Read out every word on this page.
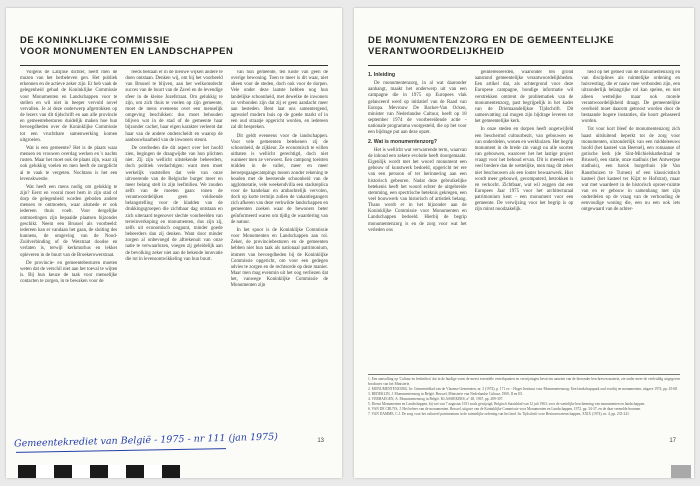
DE KONINKLIJKE COMMISSIE
VOOR MONUMENTEN EN LANDSCHAPPEN

Volgens de Latijnse dichter, heeft men de muzen van het herbeleven gen. Het publiek erkennen en de actieve zeker zijn. Er heb vaak de gelegenheid gehad de Koninklijke Commissie voor Monumenten en Landschappen voor te stellen en wil niet in beeper vervuld novel vervallen. Je al deze onderwerp afgetrokken op de lezers van dit tijdschrift en aan alle provincie en gemeentebesturen duidelijk maken hoe hun bevoegdheden over de Koninklijke Commissie tot een vruchtbare samenwerking komen uitgroeien.

Wat is een gemeente? Het is de plaats waar mensen en vrouwen overdag werken en 's nachts rusten. Maar het moet ook de plaats zijn, waar zij ook gelukkig voelen en men heeft de zorgplicht al te vaak te vergeten. Nochtans is het een levenskwestie.

Wat heeft een mens nodig om gelukkig te zijn? Eerst en vooral moet hem in zijn stad of dorp de gelegenheid worden geboden andere mensen te ontmoeten, waar alsmede er ook iedereen thuis voelt. Voor dergelijke ontmoetingen zijn bepaalde plaatsen bijzonder geschikt. Neem een Brussel als voorbeeld: iedereen kan er vandaan het gaan, de sluiting des kunnens, de omgeving van de Nood-Zuidverbinding of de Wetstraat doodse en verlaten is, terwijl kerkmurhus en lekker opleveren in de buurt van de Broekerowerstraat.

De provincie- en gemeentebesturen moeten weten dat de verschil niet aan het toeval te wijten is. Bij hun keuze de taak voor menselijke contacten te zorgen, in te bewaken voor de

reeds bestaan er in de nieuwe wijken andere te doen ontstaan. Denken wij, om bij het voorbeeld van Brussel te blijven, aan het welkomsdecht succes van de buurt van de Zavel en de levendige sfeer in de kleine Jozefstraat. Om gelukkig te zijn, om zich thuis te voelen op zijn gemeente, moet de mens eveneens over een menselijk omgeving beschikken: dus moet behouden blijven wat in de stad of de gemeente haar bijzonder cachet, haar eigen karakter verleent dat haar van de andere onderscheidt en waarop de aanbouwbaarheid van de inwoners steunt.

De overheden die dit aspect over het hoofd zien, begingen de draagwijdte van hun plichten niet. Zij zijn wellicht uitstekende beheerders, doch politiek verdachtigen: want men moet werkelijk vaststellen dat vele van onze uitvoerende van de Belgische burger meer en meer belang stelt in zijn leefmilieu. We zouden zelfs van de moeten gaan: tonen de verantwoordelijken geen voldoende belangstelling voor de kladden van de drukkingsgroepen die zichtbaar dag ontstaan en zich uiteraard tegenover slechte voorbeelden van terreinverkoping en monumenten, dus zijn zij, zelfs uit economisch oogpunt, minder goede beheerders dan zij denken. Want door minder zorgen al onbevoegd de aftrekenuit van onze natie te verwaarlozen, voegen zij geleidelijk aan de bevolking zeker niet aan de bekende innovatie die tot in levensontwikkeling van hun buurt.

van hun gemeente, ten koste van geen de overige bewoning. Toen te meer is dit waar, niet alleen voor de steden, doch ook voor de dorpen. Vele onder deze laatste hebben nog hun landelijke schoonheid, met dewelke de inwoners zo verbonden zijn dat zij er geen aandacht meer aan besteden. Bent laat ons samentergend, agressief modern huis op de goede markt of in een oud straatje opgericht worden, en iedereen zal dit bespreken.

Dit geldt eveneens voor de landschappen. Voor vele gemeenten betekenen zij de schoonheid, de zijkleur. Ze economisch te willen uitbaten is wellicht gerechtigd, doch niet wanneer men ze verwoest. Een campong toeisten midden in de vallei, meer en meer beroepsgaagecampings tussen zonder rekening te houden met de heersende schoonheid van de agglomeratie, vele weekendvilla een stadsreplica voor de handelaar en ambachtelijk vervolen, doch op korte termijn zullen de vakantiegangers zich afkeren van deze verkwikte landschappen en gemeenten zoeken waar de bewoners beter geïnformeerd waren om tijdig de waardering van de natuur.

In het spoor is de Koninklijke Commissie voor Monumenten en Landschappen aan rol. Zeker, de provinciebesturen en de gemeenten hebben niet hun taak als nationaal patrimonium, immers van bevoegdheden bij de Koninklijke Commissie opgericht, om voor een gedegen advies te zorgen en de rechtsorde op deze manier. Maar men mag evenmin uit het oog verliezen dat het, vanwege Koninklijke Commissie de Monumenten zijn

13
DE MONUMENTENZORG EN DE GEMEENTELIJKE
VERANTWOORDELIJKHEID
1. Inleiding

De monumentenzorg, in al wat daaronder aanhangt, maakt het onderwerp uit van een campagne die in 1975 op Europees vlak gelanceerd werd op initiatief van de Raad van Europa. Mevrouw De Backer-Van Ocken, minister van Nederlandse Cultuur, heeft op 18 september 1974 de voorbereidende actie - nationale programma voorgesteld, die op het voor een bijdrage put aan deze opzet.

2. Wat is monumentenzorg?

Het is wellicht wat verwarrende term, waarvan de inhoud een zekere evolutie heeft doorgemaakt. Eigenlijk wordt met het woord monument een gebouw of kunstwerk bedoeld, opgericht ter ere van een persoon of ter herinnering aan een historisch gebeuren. Nadat deze gebruikelijke betekenis heeft het woord echter de uitgebreide stemming, een spectrische beteknis gekregen, een veel bouwwerk van historisch of artistiek belang. Thans wordt er in het bijzonder aan de Koninklijke Commissie voor Monumenten en Landschappen bedoeld. Hierbij de begrip monumentenzorg is en de zorg voor wat het verleden ons

geïnteresseerden, waaronder ten grond aanstond gemeentelijke verantwoordelijkheden. Een artikel dat, als achtergrond voor deze Europese campagne, bondige informatie wil verstrekken omtrent de problematiek van de monumentenzorg, past begrijpelijk in het kader van de Driemaandelijkse Tijdschrift. Dit samenvatting zal mogen zijn bijdrage leveren tot het gemeentelijke kerk.

In onze steden en dorpen heeft ongetwijfeld een beschermd cultuurbezit, van gebouwen en van onderdelen, wonen en werkhuizen. Het begrip monument in de brede zin vangt nu alle soorten van gebouwen, waarover het het lastige project vraagt voor het behoud ervan. Dit is meestal een veel bredere dan de wettelijke, men mag dit zeker niet beschouwen als een louter bewaarwerk. Hier wordt meer gebouwd, gecomputerd, betrokken is en verkocht. Zichtbaar, wat wil zeggen dat een Europees Jaar 1975 voor het architecturaal patrimonium kent - een monument voor een gemeente. De verwijzing voor het begrip is op zijn minst noodzakelijk.

heid op het gebied van de monumentenzorg en van disciplines als ruimtelijke ordening en huisvesting, die er nauw mee verbonden zijn, een uitzonderlijk belangrijke rol kan spelen, en niet alleen wettelijke maar ook morele verantwoordelijkheid draagt. De gemeentelijke overheid moet daarom getroost worden door de bestaande hogere instanties, die hoort gebaseerd worden.

Tot voor kort bleef de monumentenzorg zich haast uitsluitend beperkt tot de zorg voor monumenten, uitzonderlijk van een middeleeuws hoofd (het kasteel van Beersel), een romaanse of gotische kerk (de Sint-Michielskathedraal te Brussel), een statie, onze stadhuis (het Antwerpse stadhuis), een barok burgerhuis (de Van Ranstbuizen te Turnen) of een klassicistisch kasteel (het kasteel ter Kijzt te Hofstrat), maar wat met waardeert in de historisch oproer-ruimte van en er gebouw in samenhang met zijn onderdelen op de vraag van de verhouding de eenvoudige woning die, een nu een ook iets ontgewaard van de achter-

1. Een aanvulling op 'Cultuur en leefmilieu' dat in de huidige vorm de meest essentiële vertrekpunten en verwijzingen bevat ten aanzien van de hieronder beschreven materie, zie onder meer de veelvuldig uitgegeven brochures van het Ministerie.
2. MONUMENTENZORG. In: Gemeenteblad van de Vlaamse Gemeenten, nr. 3 (1974), p. 171 ev. - Hoger Instituut voor Monumentenzorg: Een landschapspark oud voorbij en monumenten, uitgave 1974, pp. 45-68.
3. BEDEKLIN, J. Monumentenzorg in België. Brussel, Ministerie van Nederlandse Cultuur, 1969, II en III.
4. VERHAEGEN, A. Monumentenzorg in België. KLASSIEKERS, n° 48, 1967, pp. 289-307.
5. Dienst Monumenten en Landschappen, bij wet van 7 augustus 1931 zoals gewijzigd, Belgisch Staatsblad van 12 juli 1963, voor de wettelijke bescherming van monumenten en landschappen.
6. VAN DE CRUYS, J. Het beheer van de monumenten. Brussel, uitgave van de Koninklijke Commissie voor Monumenten en Landschappen, 1972, pp. 34-37, en de daar vermelde bronnen.
7. VAN DAMME, C.J. De zorg voor het cultureel patrimonium in de ruimtelijke ordening van het land. In: Tijdschrift voor Bestuurswetenschappen, XXIX (1974), nr. 4, pp. 233-241.
17
Gemeentekrediet van België - 1975 - nr 111 (jan 1975)
